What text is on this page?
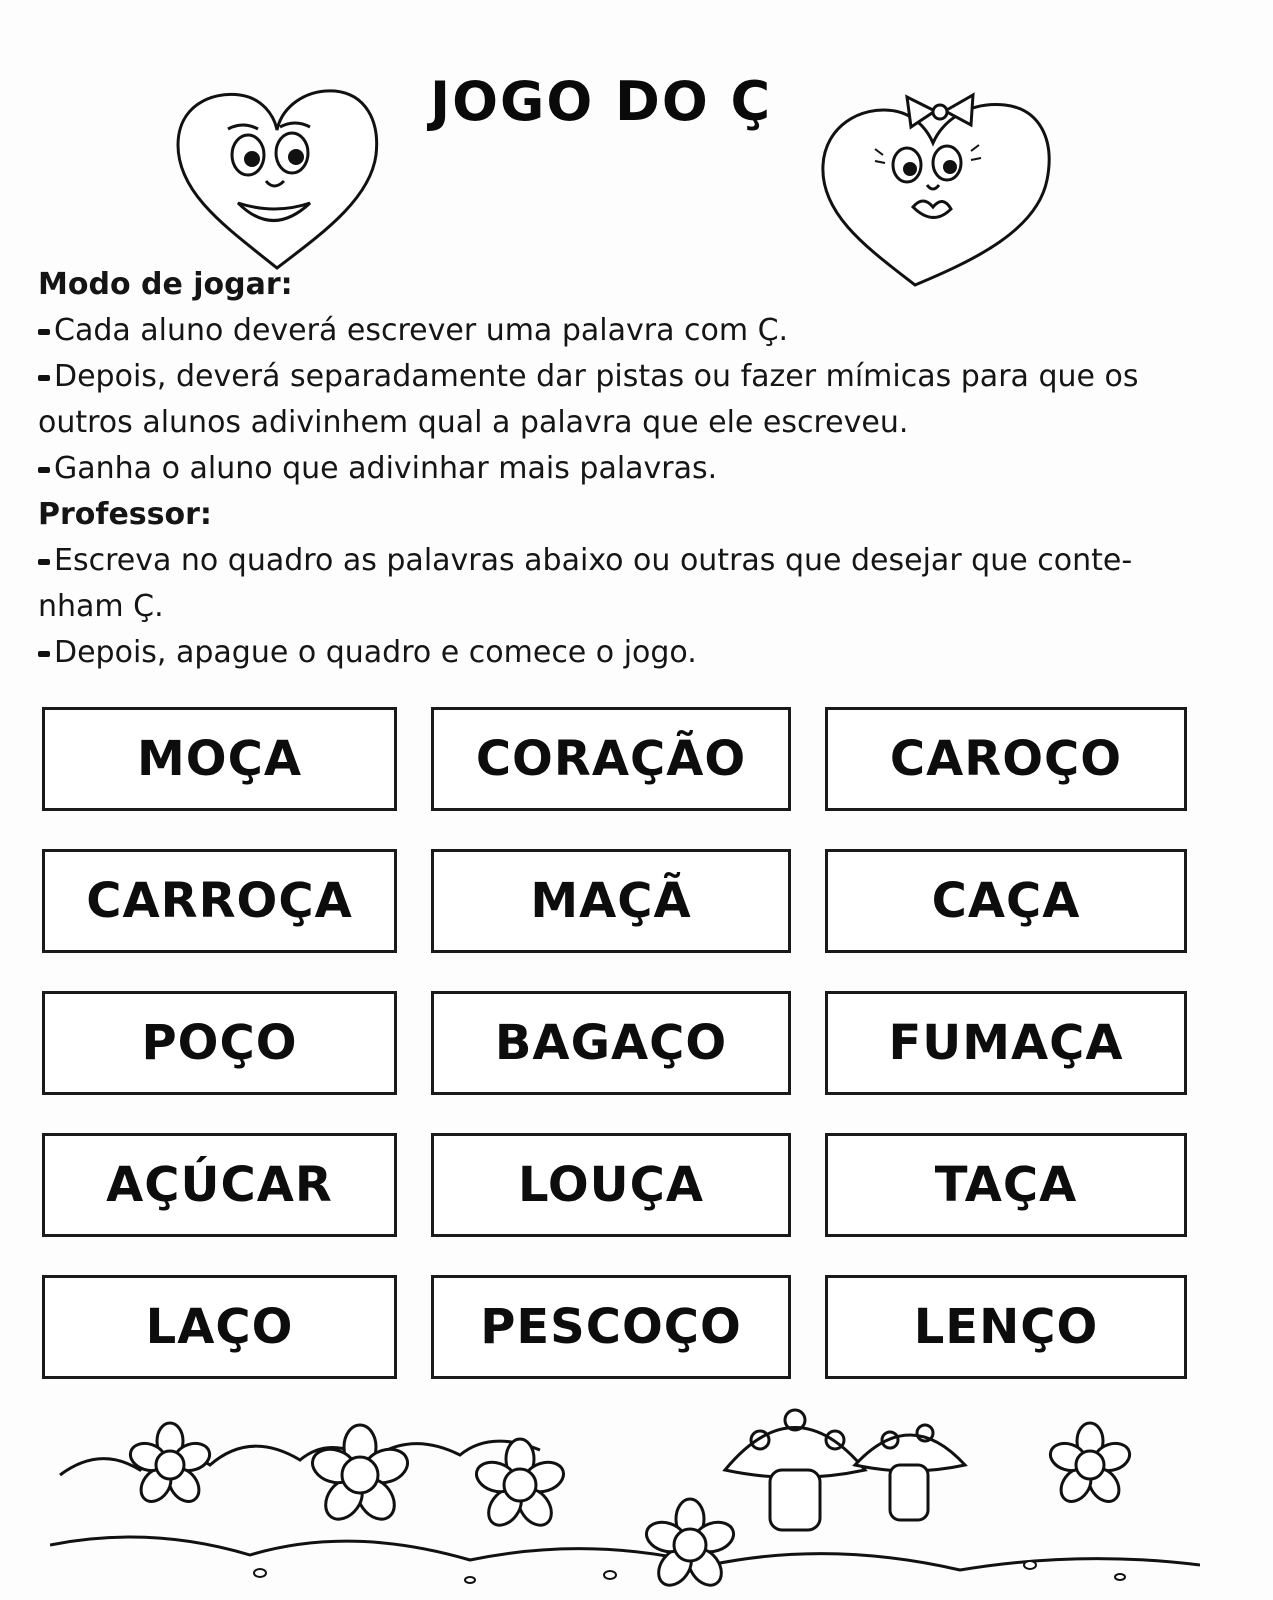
JOGO DO Ç
Modo de jogar:
Cada aluno deverá escrever uma palavra com Ç.
Depois, deverá separadamente dar pistas ou fazer mímicas para que os
outros alunos adivinhem qual a palavra que ele escreveu.
Ganha o aluno que adivinhar mais palavras.
Professor:
Escreva no quadro as palavras abaixo ou outras que desejar que conte-
nham Ç.
Depois, apague o quadro e comece o jogo.
MOÇA	CORAÇÃO	CAROÇO
CARROÇA	MAÇÃ	CAÇA
POÇO	BAGAÇO	FUMAÇA
AÇÚCAR	LOUÇA	TAÇA
LAÇO	PESCOÇO	LENÇO
